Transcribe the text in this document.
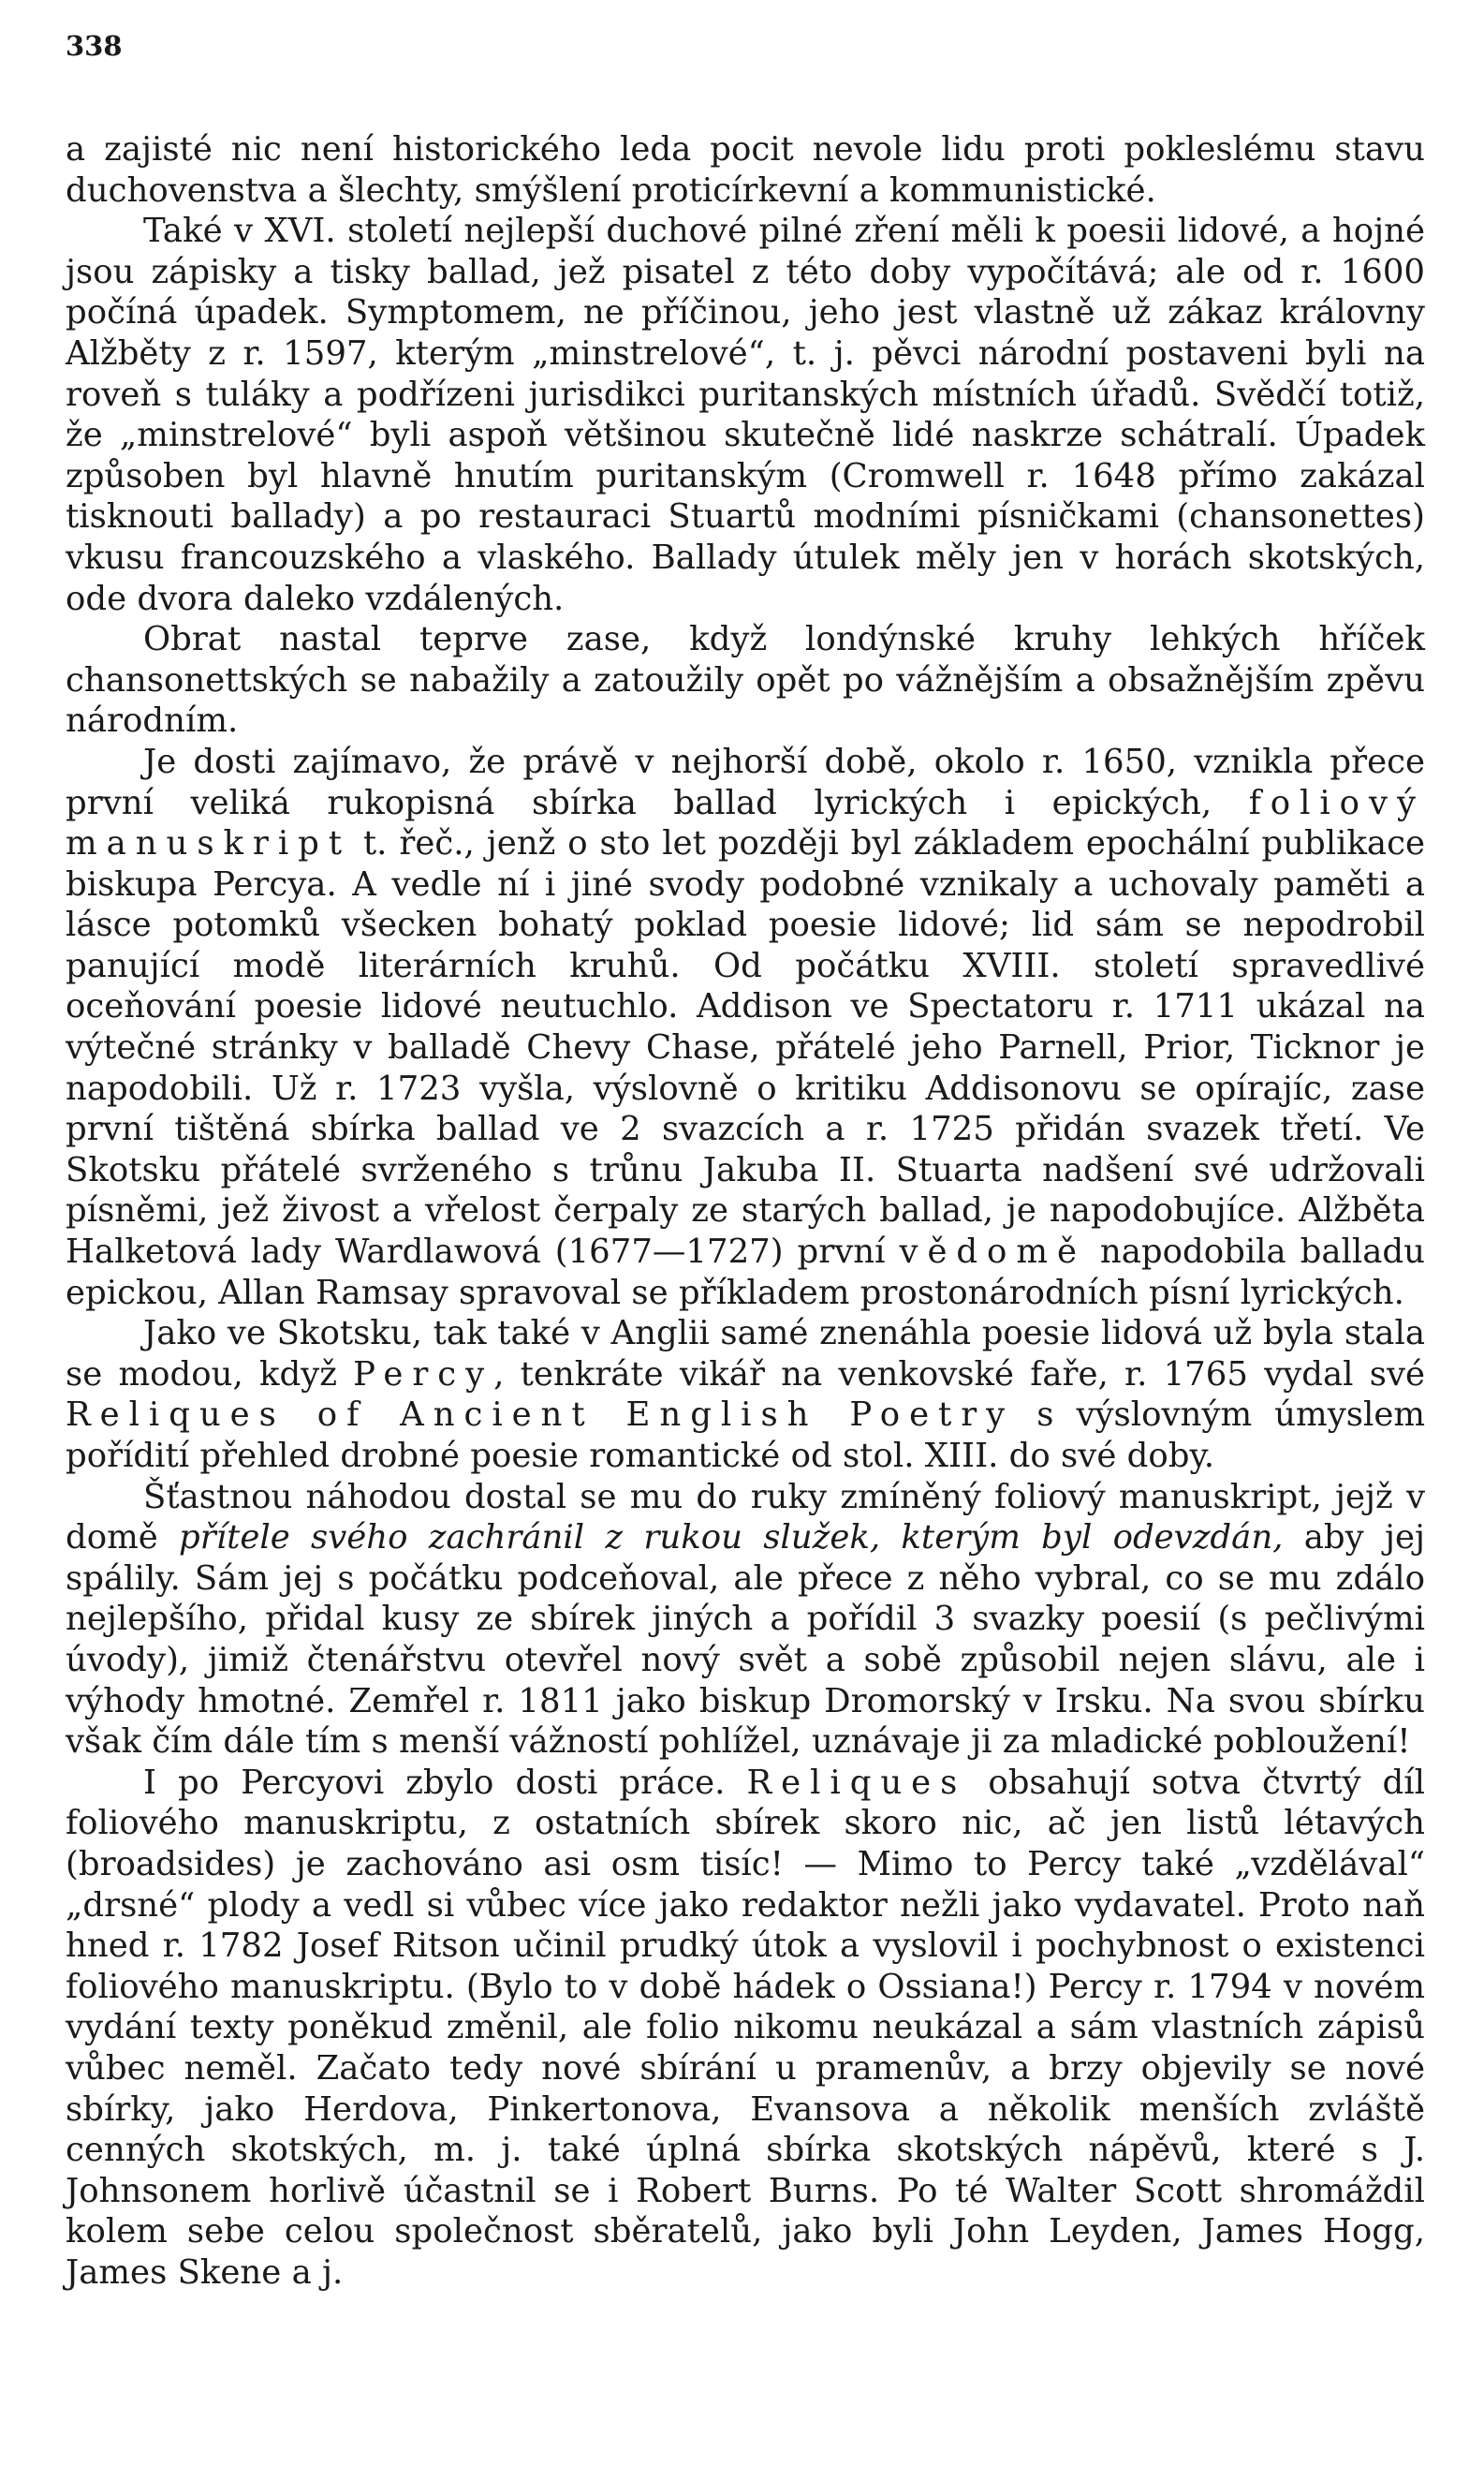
338

a zajisté nic není historického leda pocit nevole lidu proti pokleslému stavu duchovenstva a šlechty, smýšlení proticírkevní a kommunistické.

Také v XVI. století nejlepší duchové pilné zření měli k poesii lidové, a hojné jsou zápisky a tisky ballad, jež pisatel z této doby vypočítává; ale od r. 1600 počíná úpadek. Symptomem, ne příčinou, jeho jest vlastně už zákaz královny Alžběty z r. 1597, kterým „minstrelové“, t. j. pěvci národní postaveni byli na roveň s tuláky a podřízeni jurisdikci puritanských místních úřadů. Svědčí totiž, že „minstrelové“ byli aspoň většinou skutečně lidé naskrze schátralí. Úpadek způsoben byl hlavně hnutím puritanským (Cromwell r. 1648 přímo zakázal tisknouti ballady) a po restauraci Stuartů modními písničkami (chansonettes) vkusu francouzského a vlaského. Ballady útulek měly jen v horách skotských, ode dvora daleko vzdálených.

Obrat nastal teprve zase, když londýnské kruhy lehkých hříček chansonettských se nabažily a zatoužily opět po vážnějším a obsažnějším zpěvu národním.

Je dosti zajímavo, že právě v nejhorší době, okolo r. 1650, vznikla přece první veliká rukopisná sbírka ballad lyrických i epických, foliový manuskript t. řeč., jenž o sto let později byl základem epochální publikace biskupa Percya. A vedle ní i jiné svody podobné vznikaly a uchovaly paměti a lásce potomků všecken bohatý poklad poesie lidové; lid sám se nepodrobil panující modě literárních kruhů. Od počátku XVIII. století spravedlivé oceňování poesie lidové neutuchlo. Addison ve Spectatoru r. 1711 ukázal na výtečné stránky v balladě Chevy Chase, přátelé jeho Parnell, Prior, Ticknor je napodobili. Už r. 1723 vyšla, výslovně o kritiku Addisonovu se opírajíc, zase první tištěná sbírka ballad ve 2 svazcích a r. 1725 přidán svazek třetí. Ve Skotsku přátelé svrženého s trůnu Jakuba II. Stuarta nadšení své udržovali písněmi, jež živost a vřelost čerpaly ze starých ballad, je napodobujíce. Alžběta Halketová lady Wardlawová (1677—1727) první vědomě napodobila balladu epickou, Allan Ramsay spravoval se příkladem prostonárodních písní lyrických.

Jako ve Skotsku, tak také v Anglii samé znenáhla poesie lidová už byla stala se modou, když Percy, tenkráte vikář na venkovské faře, r. 1765 vydal své Reliques of Ancient English Poetry s výslovným úmyslem pořídití přehled drobné poesie romantické od stol. XIII. do své doby.

Šťastnou náhodou dostal se mu do ruky zmíněný foliový manuskript, jejž v domě přítele svého zachránil z rukou služek, kterým byl odevzdán, aby jej spálily. Sám jej s počátku podceňoval, ale přece z něho vybral, co se mu zdálo nejlepšího, přidal kusy ze sbírek jiných a pořídil 3 svazky poesií (s pečlivými úvody), jimiž čtenářstvu otevřel nový svět a sobě způsobil nejen slávu, ale i výhody hmotné. Zemřel r. 1811 jako biskup Dromorský v Irsku. Na svou sbírku však čím dále tím s menší vážností pohlížel, uznávaje ji za mladické pobloužení!

I po Percyovi zbylo dosti práce. Reliques obsahují sotva čtvrtý díl foliového manuskriptu, z ostatních sbírek skoro nic, ač jen listů létavých (broadsides) je zachováno asi osm tisíc! — Mimo to Percy také „vzdělával“ „drsné“ plody a vedl si vůbec více jako redaktor nežli jako vydavatel. Proto naň hned r. 1782 Josef Ritson učinil prudký útok a vyslovil i pochybnost o existenci foliového manuskriptu. (Bylo to v době hádek o Ossiana!) Percy r. 1794 v novém vydání texty poněkud změnil, ale folio nikomu neukázal a sám vlastních zápisů vůbec neměl. Začato tedy nové sbírání u pramenův, a brzy objevily se nové sbírky, jako Herdova, Pinkertonova, Evansova a několik menších zvláště cenných skotských, m. j. také úplná sbírka skotských nápěvů, které s J. Johnsonem horlivě účastnil se i Robert Burns. Po té Walter Scott shromáždil kolem sebe celou společnost sběratelů, jako byli John Leyden, James Hogg, James Skene a j.
